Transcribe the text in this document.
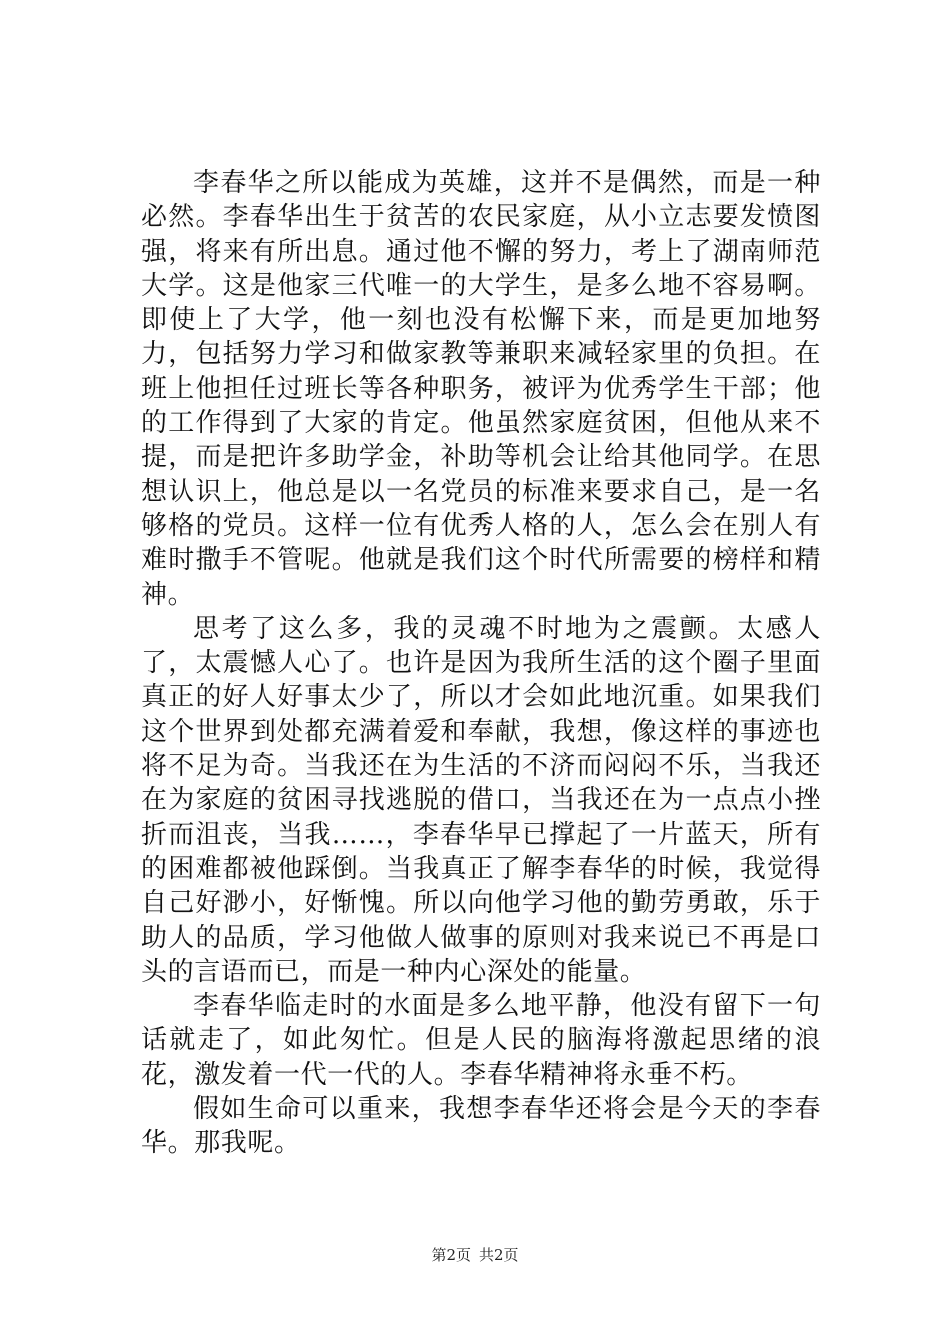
李春华之所以能成为英雄，这并不是偶然，而是一种必然。李春华出生于贫苦的农民家庭，从小立志要发愤图强，将来有所出息。通过他不懈的努力，考上了湖南师范大学。这是他家三代唯一的大学生，是多么地不容易啊。即使上了大学，他一刻也没有松懈下来，而是更加地努力，包括努力学习和做家教等兼职来减轻家里的负担。在班上他担任过班长等各种职务，被评为优秀学生干部；他的工作得到了大家的肯定。他虽然家庭贫困，但他从来不提，而是把许多助学金，补助等机会让给其他同学。在思想认识上，他总是以一名党员的标准来要求自己，是一名够格的党员。这样一位有优秀人格的人，怎么会在别人有难时撒手不管呢。他就是我们这个时代所需要的榜样和精神。

思考了这么多，我的灵魂不时地为之震颤。太感人了，太震憾人心了。也许是因为我所生活的这个圈子里面真正的好人好事太少了，所以才会如此地沉重。如果我们这个世界到处都充满着爱和奉献，我想，像这样的事迹也将不足为奇。当我还在为生活的不济而闷闷不乐，当我还在为家庭的贫困寻找逃脱的借口，当我还在为一点点小挫折而沮丧，当我……，李春华早已撑起了一片蓝天，所有的困难都被他踩倒。当我真正了解李春华的时候，我觉得自己好渺小，好惭愧。所以向他学习他的勤劳勇敢，乐于助人的品质，学习他做人做事的原则对我来说已不再是口头的言语而已，而是一种内心深处的能量。

李春华临走时的水面是多么地平静，他没有留下一句话就走了，如此匆忙。但是人民的脑海将激起思绪的浪花，激发着一代一代的人。李春华精神将永垂不朽。

假如生命可以重来，我想李春华还将会是今天的李春华。那我呢。

第2页 共2页
